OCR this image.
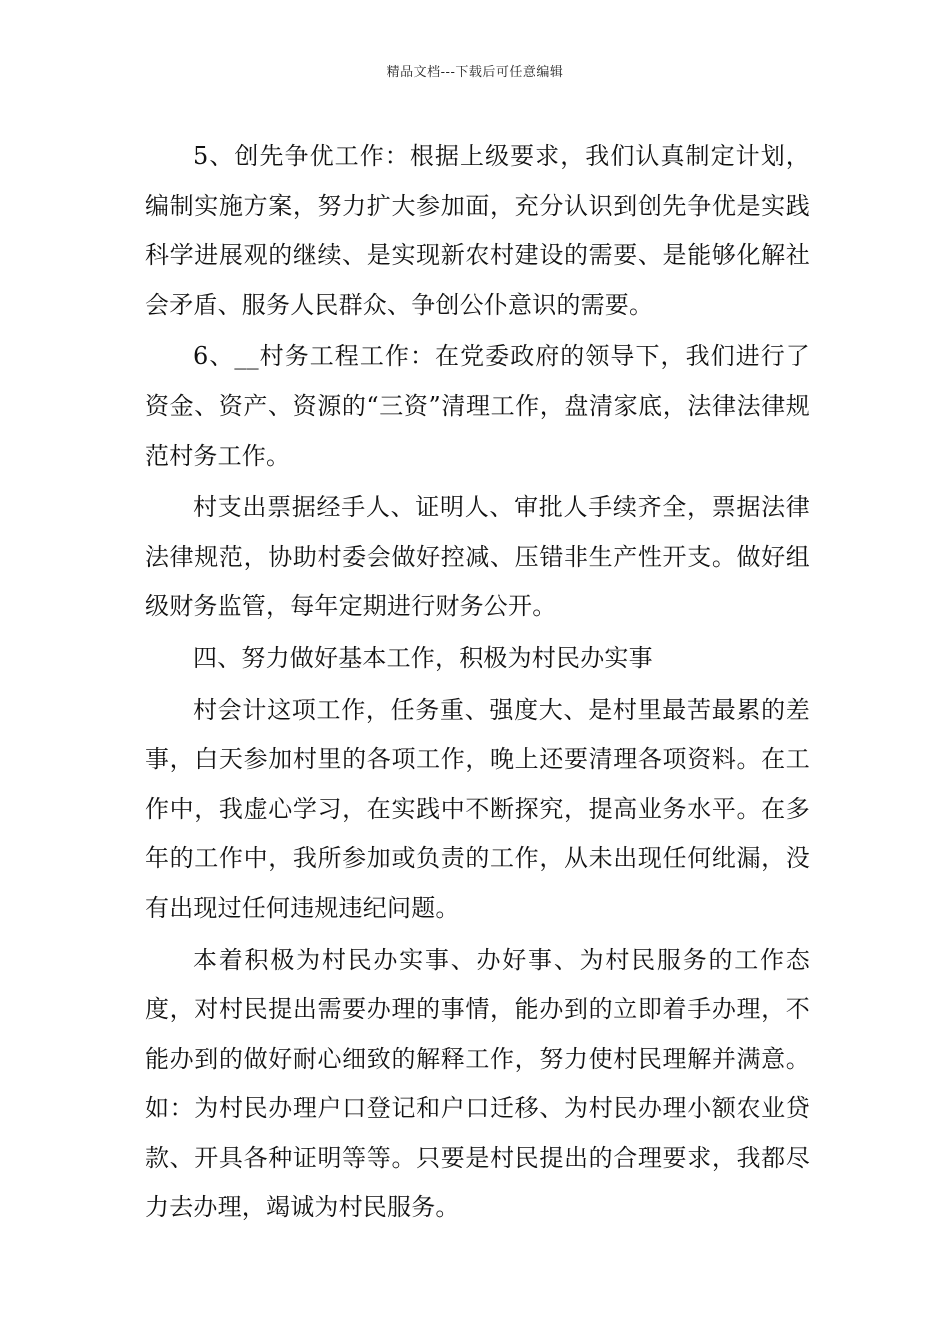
精品文档---下载后可任意编辑

5、创先争优工作：根据上级要求，我们认真制定计划，编制实施方案，努力扩大参加面，充分认识到创先争优是实践科学进展观的继续、是实现新农村建设的需要、是能够化解社会矛盾、服务人民群众、争创公仆意识的需要。

6、__村务工程工作：在党委政府的领导下，我们进行了资金、资产、资源的“三资”清理工作，盘清家底，法律法律规范村务工作。

村支出票据经手人、证明人、审批人手续齐全，票据法律法律规范，协助村委会做好控减、压错非生产性开支。做好组级财务监管，每年定期进行财务公开。

四、努力做好基本工作，积极为村民办实事

村会计这项工作，任务重、强度大、是村里最苦最累的差事，白天参加村里的各项工作，晚上还要清理各项资料。在工作中，我虚心学习，在实践中不断探究，提高业务水平。在多年的工作中，我所参加或负责的工作，从未出现任何纰漏，没有出现过任何违规违纪问题。

本着积极为村民办实事、办好事、为村民服务的工作态度，对村民提出需要办理的事情，能办到的立即着手办理，不能办到的做好耐心细致的解释工作，努力使村民理解并满意。如：为村民办理户口登记和户口迁移、为村民办理小额农业贷款、开具各种证明等等。只要是村民提出的合理要求，我都尽力去办理，竭诚为村民服务。
